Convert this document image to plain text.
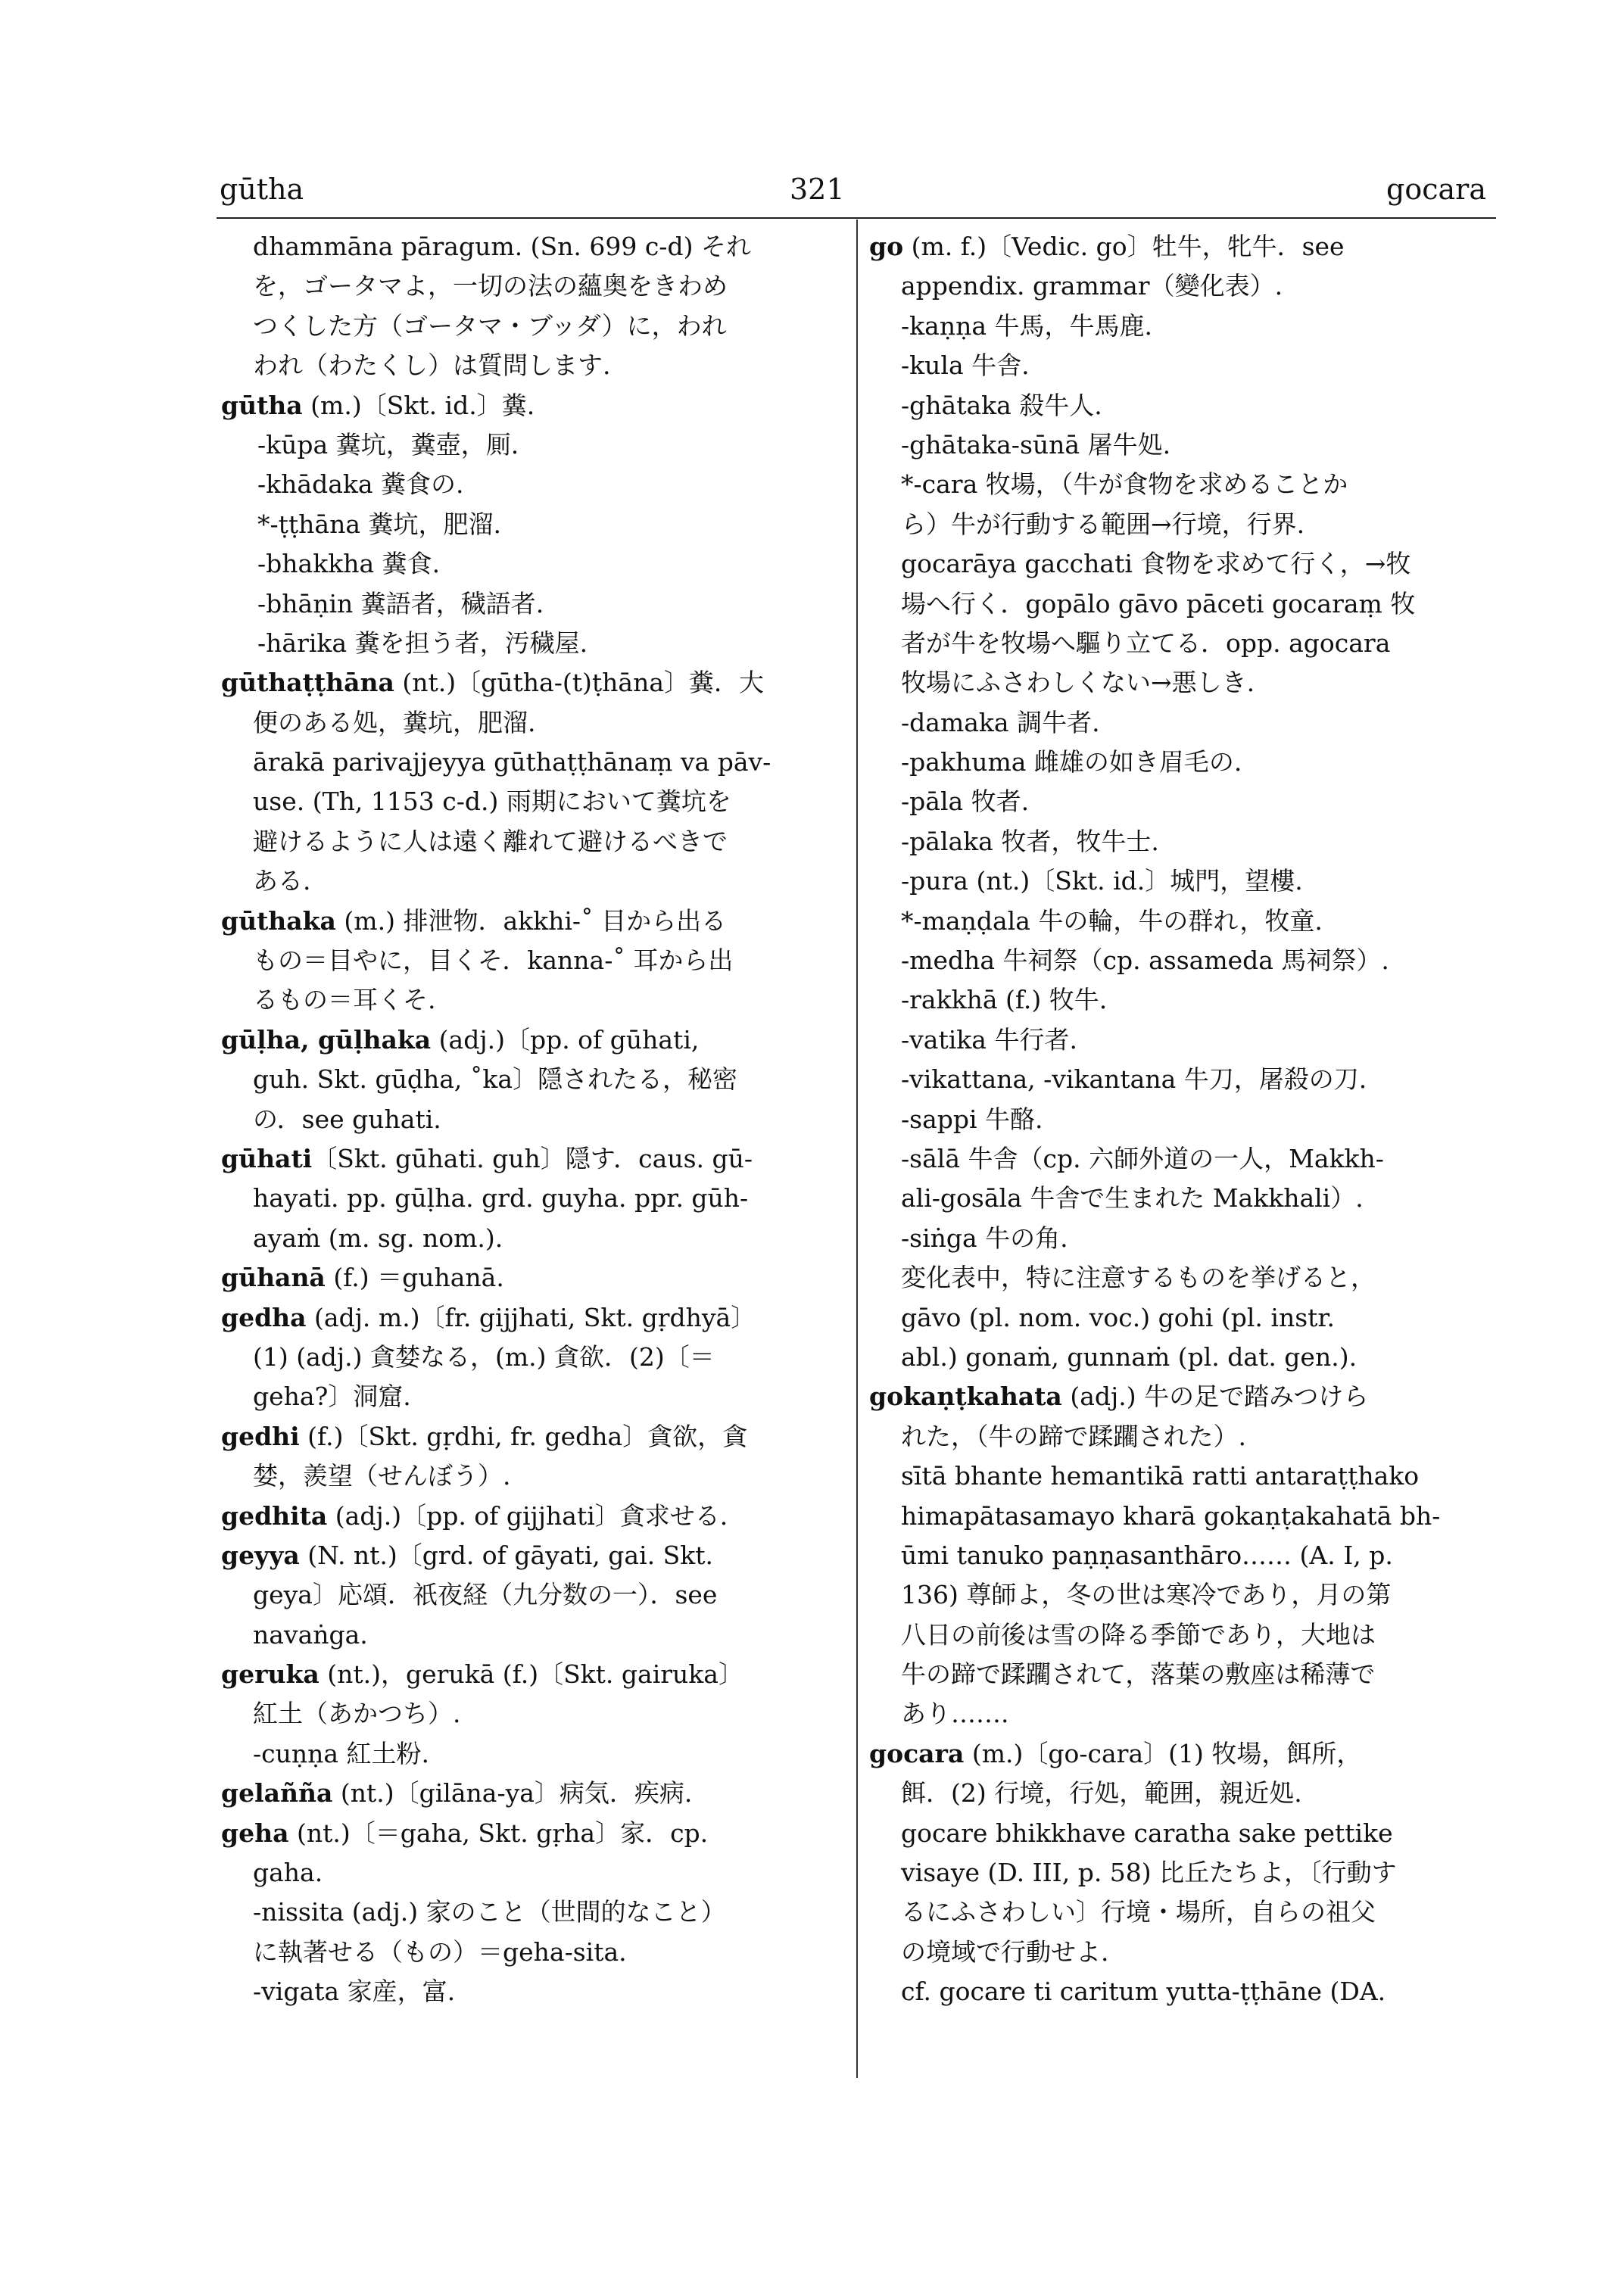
gūtha	321	gocara
dhammāna pāragum. (Sn. 699 c-d) それ
を，ゴータマよ，一切の法の蘊奥をきわめ
つくした方（ゴータマ・ブッダ）に，われ
われ（わたくし）は質問します.
gūtha (m.)〔Skt. id.〕糞.
-kūpa 糞坑，糞壺，厠.
-khādaka 糞食の.
*-ṭṭhāna 糞坑，肥溜.
-bhakkha 糞食.
-bhāṇin 糞語者，穢語者.
-hārika 糞を担う者，汚穢屋.
gūthaṭṭhāna (nt.)〔gūtha-(t)ṭhāna〕糞．大
便のある処，糞坑，肥溜.
ārakā parivajjeyya gūthaṭṭhānaṃ va pāv-
use. (Th, 1153 c-d.) 雨期において糞坑を
避けるように人は遠く離れて避けるべきで
ある.
gūthaka (m.) 排泄物．akkhi-˚ 目から出る
もの＝目やに，目くそ．kanna-˚ 耳から出
るもの＝耳くそ.
gūḷha, gūḷhaka (adj.)〔pp. of gūhati,
guh. Skt. gūḍha, ˚ka〕隠されたる，秘密
の．see guhati.
gūhati〔Skt. gūhati. guh〕隠す．caus. gū-
hayati. pp. gūḷha. grd. guyha. ppr. gūh-
ayaṁ (m. sg. nom.).
gūhanā (f.) ＝guhanā.
gedha (adj. m.)〔fr. gijjhati, Skt. gṛdhyā〕
(1) (adj.) 貪婪なる，(m.) 貪欲．(2)〔＝
geha?〕洞窟.
gedhi (f.)〔Skt. gṛdhi, fr. gedha〕貪欲，貪
婪，羨望（せんぼう）.
gedhita (adj.)〔pp. of gijjhati〕貪求せる.
geyya (N. nt.)〔grd. of gāyati, gai. Skt.
geya〕応頌．祇夜経（九分数の一）．see
navaṅga.
geruka (nt.)，gerukā (f.)〔Skt. gairuka〕
紅土（あかつち）.
-cuṇṇa 紅土粉.
gelañña (nt.)〔gilāna-ya〕病気．疾病.
geha (nt.)〔＝gaha, Skt. gṛha〕家．cp.
gaha.
-nissita (adj.) 家のこと（世間的なこと）
に執著せる（もの）＝geha-sita.
-vigata 家産，富.
go (m. f.)〔Vedic. go〕牡牛，牝牛．see
appendix. grammar（變化表）.
-kaṇṇa 牛馬，牛馬鹿.
-kula 牛舎.
-ghātaka 殺牛人.
-ghātaka-sūnā 屠牛処.
*-cara 牧場，（牛が食物を求めることか
ら）牛が行動する範囲→行境，行界.
gocarāya gacchati 食物を求めて行く，→牧
場へ行く．gopālo gāvo pāceti gocaraṃ 牧
者が牛を牧場へ驅り立てる．opp. agocara
牧場にふさわしくない→悪しき.
-damaka 調牛者.
-pakhuma 雌雄の如き眉毛の.
-pāla 牧者.
-pālaka 牧者，牧牛士.
-pura (nt.)〔Skt. id.〕城門，望樓.
*-maṇḍala 牛の輪，牛の群れ，牧童.
-medha 牛祠祭（cp. assameda 馬祠祭）.
-rakkhā (f.) 牧牛.
-vatika 牛行者.
-vikattana, -vikantana 牛刀，屠殺の刀.
-sappi 牛酪.
-sālā 牛舎（cp. 六師外道の一人，Makkh-
ali-gosāla 牛舎で生まれた Makkhali）.
-siṅga 牛の角.
変化表中，特に注意するものを挙げると，
gāvo (pl. nom. voc.) gohi (pl. instr.
abl.) gonaṁ, gunnaṁ (pl. dat. gen.).
gokaṇṭkahata (adj.) 牛の足で踏みつけら
れた，（牛の蹄で蹂躙された）.
sītā bhante hemantikā ratti antaraṭṭhako
himapātasamayo kharā gokaṇṭakahatā bh-
ūmi tanuko paṇṇasanthāro…… (A. I, p.
136) 尊師よ，冬の世は寒冷であり，月の第
八日の前後は雪の降る季節であり，大地は
牛の蹄で蹂躙されて，落葉の敷座は稀薄で
あり…….
gocara (m.)〔go-cara〕(1) 牧場，餌所，
餌．(2) 行境，行処，範囲，親近処.
gocare bhikkhave caratha sake pettike
visaye (D. III, p. 58) 比丘たちよ，〔行動す
るにふさわしい〕行境・場所，自らの祖父
の境域で行動せよ.
cf. gocare ti caritum yutta-ṭṭhāne (DA.
